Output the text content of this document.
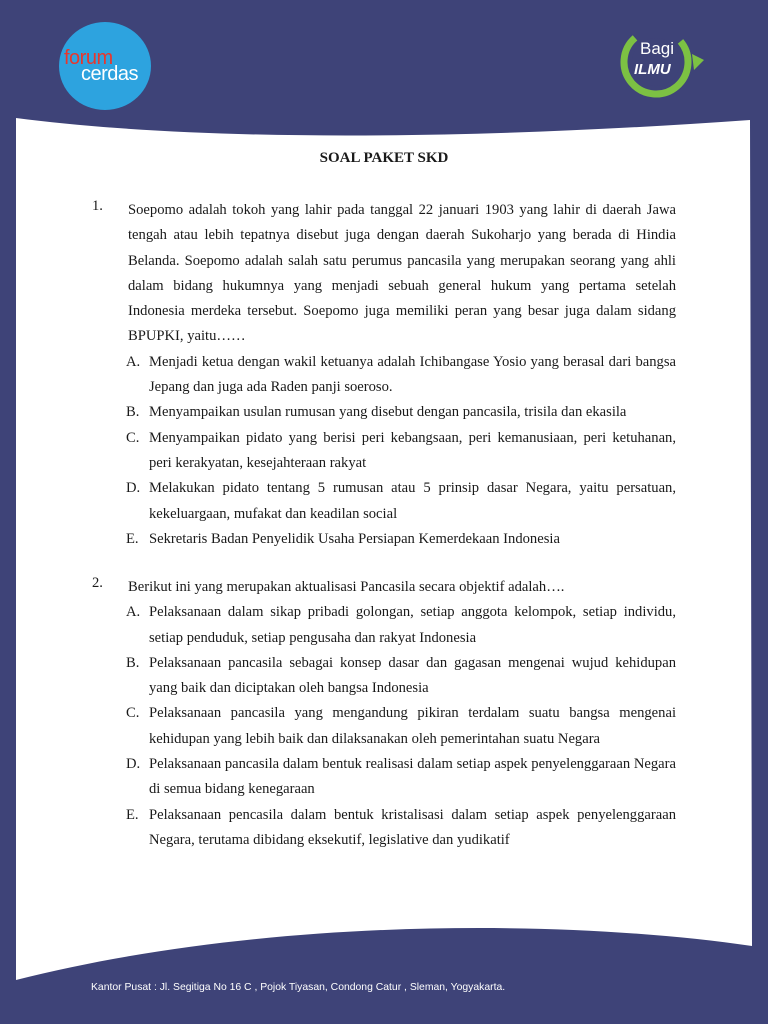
forum
cerdas
Bagi
ILMU
SOAL PAKET SKD
1. Soepomo adalah tokoh yang lahir pada tanggal 22 januari 1903 yang lahir di daerah Jawa tengah atau lebih tepatnya disebut juga dengan daerah Sukoharjo yang berada di Hindia Belanda. Soepomo adalah salah satu perumus pancasila yang merupakan seorang yang ahli dalam bidang hukumnya yang menjadi sebuah general hukum yang pertama setelah Indonesia merdeka tersebut. Soepomo juga memiliki peran yang besar juga dalam sidang BPUPKI, yaitu……
A. Menjadi ketua dengan wakil ketuanya adalah Ichibangase Yosio yang berasal dari bangsa Jepang dan juga ada Raden panji soeroso.
B. Menyampaikan usulan rumusan yang disebut dengan pancasila, trisila dan ekasila
C. Menyampaikan pidato yang berisi peri kebangsaan, peri kemanusiaan, peri ketuhanan, peri kerakyatan, kesejahteraan rakyat
D. Melakukan pidato tentang 5 rumusan atau 5 prinsip dasar Negara, yaitu persatuan, kekeluargaan, mufakat dan keadilan social
E. Sekretaris Badan Penyelidik Usaha Persiapan Kemerdekaan Indonesia
2. Berikut ini yang merupakan aktualisasi Pancasila secara objektif adalah….
A. Pelaksanaan dalam sikap pribadi golongan, setiap anggota kelompok, setiap individu, setiap penduduk, setiap pengusaha dan rakyat Indonesia
B. Pelaksanaan pancasila sebagai konsep dasar dan gagasan mengenai wujud kehidupan yang baik dan diciptakan oleh bangsa Indonesia
C. Pelaksanaan pancasila yang mengandung pikiran terdalam suatu bangsa mengenai kehidupan yang lebih baik dan dilaksanakan oleh pemerintahan suatu Negara
D. Pelaksanaan pancasila dalam bentuk realisasi dalam setiap aspek penyelenggaraan Negara di semua bidang kenegaraan
E. Pelaksanaan pencasila dalam bentuk kristalisasi dalam setiap aspek penyelenggaraan Negara, terutama dibidang eksekutif, legislative dan yudikatif
Kantor Pusat : Jl. Segitiga No 16 C , Pojok Tiyasan, Condong Catur , Sleman, Yogyakarta.
